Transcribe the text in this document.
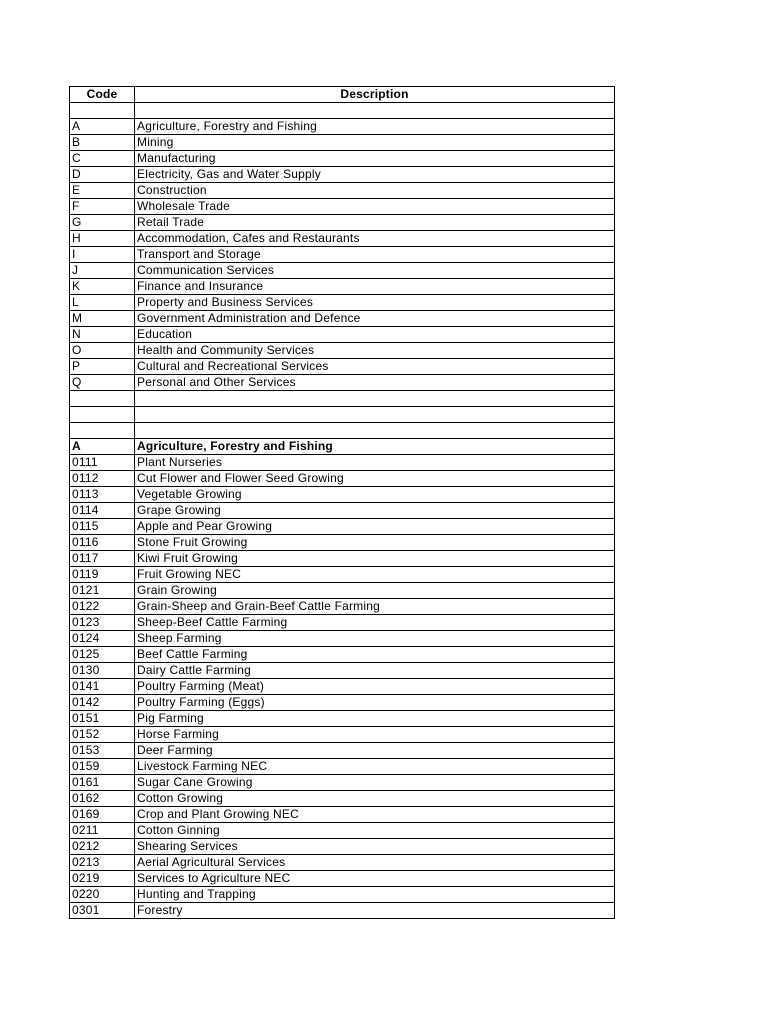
Code	Description

A	Agriculture, Forestry and Fishing
B	Mining
C	Manufacturing
D	Electricity, Gas and Water Supply
E	Construction
F	Wholesale Trade
G	Retail Trade
H	Accommodation, Cafes and Restaurants
I	Transport and Storage
J	Communication Services
K	Finance and Insurance
L	Property and Business Services
M	Government Administration and Defence
N	Education
O	Health and Community Services
P	Cultural and Recreational Services
Q	Personal and Other Services

A	Agriculture, Forestry and Fishing
0111	Plant Nurseries
0112	Cut Flower and Flower Seed Growing
0113	Vegetable Growing
0114	Grape Growing
0115	Apple and Pear Growing
0116	Stone Fruit Growing
0117	Kiwi Fruit Growing
0119	Fruit Growing NEC
0121	Grain Growing
0122	Grain-Sheep and Grain-Beef Cattle Farming
0123	Sheep-Beef Cattle Farming
0124	Sheep Farming
0125	Beef Cattle Farming
0130	Dairy Cattle Farming
0141	Poultry Farming (Meat)
0142	Poultry Farming (Eggs)
0151	Pig Farming
0152	Horse Farming
0153	Deer Farming
0159	Livestock Farming NEC
0161	Sugar Cane Growing
0162	Cotton Growing
0169	Crop and Plant Growing NEC
0211	Cotton Ginning
0212	Shearing Services
0213	Aerial Agricultural Services
0219	Services to Agriculture NEC
0220	Hunting and Trapping
0301	Forestry
